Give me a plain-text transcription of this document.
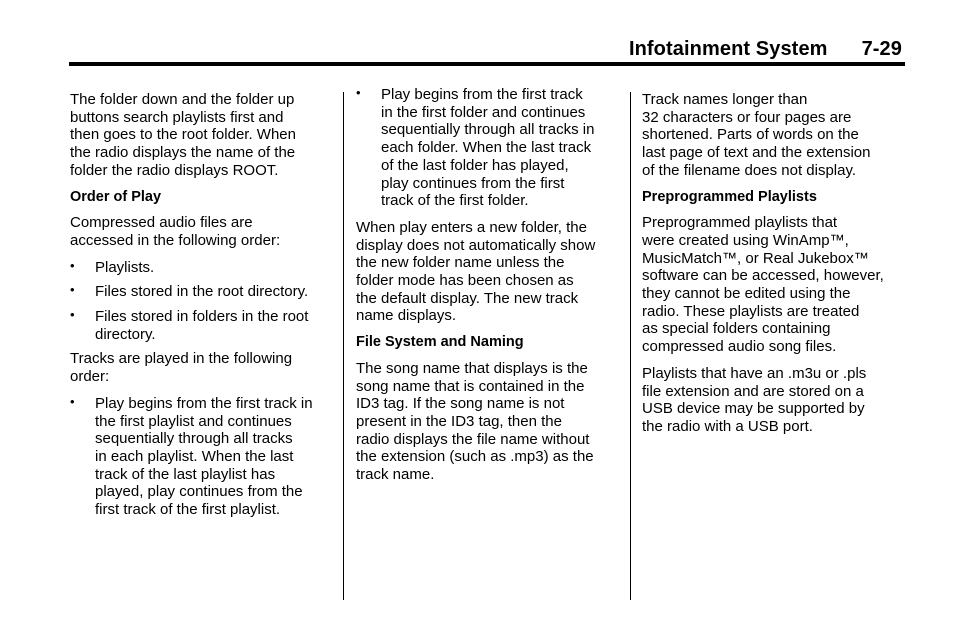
Infotainment System 7-29
The folder down and the folder up
buttons search playlists first and
then goes to the root folder. When
the radio displays the name of the
folder the radio displays ROOT.
Order of Play
Compressed audio files are
accessed in the following order:
• Playlists.
• Files stored in the root directory.
• Files stored in folders in the root
directory.
Tracks are played in the following
order:
• Play begins from the first track in
the first playlist and continues
sequentially through all tracks
in each playlist. When the last
track of the last playlist has
played, play continues from the
first track of the first playlist.
• Play begins from the first track
in the first folder and continues
sequentially through all tracks in
each folder. When the last track
of the last folder has played,
play continues from the first
track of the first folder.
When play enters a new folder, the
display does not automatically show
the new folder name unless the
folder mode has been chosen as
the default display. The new track
name displays.
File System and Naming
The song name that displays is the
song name that is contained in the
ID3 tag. If the song name is not
present in the ID3 tag, then the
radio displays the file name without
the extension (such as .mp3) as the
track name.
Track names longer than
32 characters or four pages are
shortened. Parts of words on the
last page of text and the extension
of the filename does not display.
Preprogrammed Playlists
Preprogrammed playlists that
were created using WinAmp™,
MusicMatch™, or Real Jukebox™
software can be accessed, however,
they cannot be edited using the
radio. These playlists are treated
as special folders containing
compressed audio song files.
Playlists that have an .m3u or .pls
file extension and are stored on a
USB device may be supported by
the radio with a USB port.
